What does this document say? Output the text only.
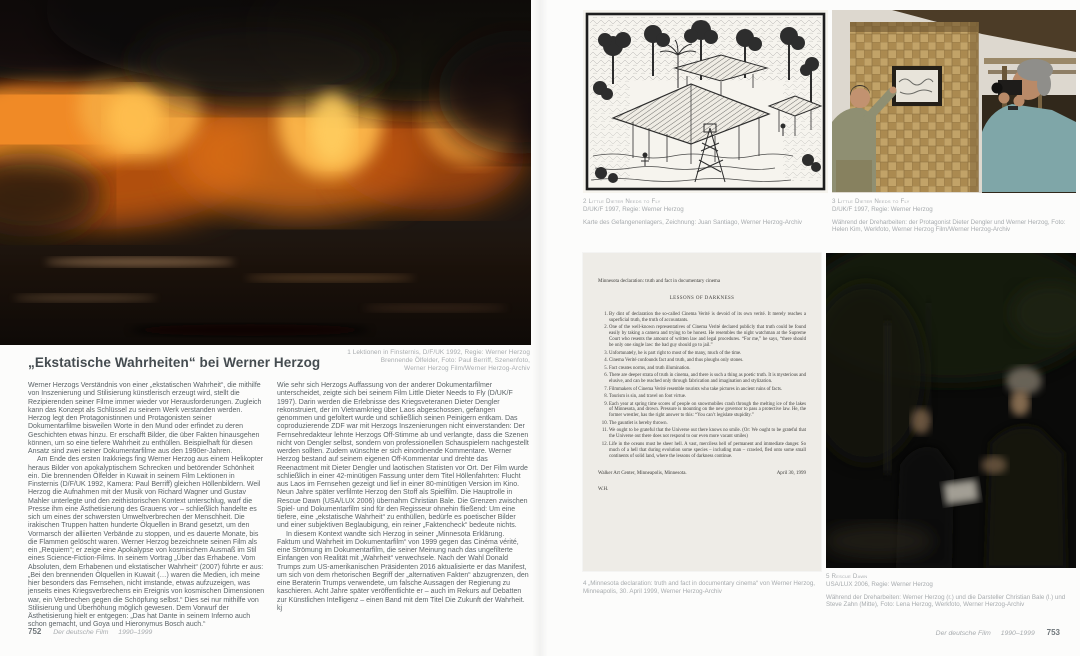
1 Lektionen in Finsternis, D/F/UK 1992, Regie: Werner Herzog
Brennende Ölfelder, Foto: Paul Berriff, Szenenfoto,
Werner Herzog Film/Werner Herzog-Archiv
„Ekstatische Wahrheiten“ bei Werner Herzog

Werner Herzogs Verständnis von einer „ekstatischen Wahrheit“, die mithilfe von Inszenierung und Stilisierung künstlerisch erzeugt wird, stellt die Rezipierenden seiner Filme immer wieder vor Herausforderungen. Zugleich kann das Konzept als Schlüssel zu seinem Werk verstanden werden. Herzog legt den Protagonistinnen und Protagonisten seiner Dokumentarfilme bisweilen Worte in den Mund oder erfindet zu deren Geschichten etwas hinzu. Er erschafft Bilder, die über Fakten hinausgehen können, um so eine tiefere Wahrheit zu enthüllen. Beispielhaft für diesen Ansatz sind zwei seiner Dokumentarfilme aus den 1990er-Jahren.

Am Ende des ersten Irakkriegs fing Werner Herzog aus einem Helikopter heraus Bilder von apokalyptischem Schrecken und betörender Schönheit ein. Die brennenden Ölfelder in Kuwait in seinem Film Lektionen in Finsternis (D/F/UK 1992, Kamera: Paul Berriff) gleichen Höllenbildern. Weil Herzog die Aufnahmen mit der Musik von Richard Wagner und Gustav Mahler unterlegte und den zeithistorischen Kontext unterschlug, warf die Presse ihm eine Ästhetisierung des Grauens vor – schließlich handelte es sich um eines der schwersten Umweltverbrechen der Menschheit. Die irakischen Truppen hatten hunderte Ölquellen in Brand gesetzt, um den Vormarsch der alliierten Verbände zu stoppen, und es dauerte Monate, bis die Flammen gelöscht waren. Werner Herzog bezeichnete seinen Film als ein „Requiem“; er zeige eine Apokalypse von kosmischem Ausmaß im Stil eines Science-Fiction-Films. In seinem Vortrag „Über das Erhabene. Vom Absoluten, dem Erhabenen und ekstatischer Wahrheit“ (2007) führte er aus: „Bei den brennenden Ölquellen in Kuwait (…) waren die Medien, ich meine hier besonders das Fernsehen, nicht imstande, etwas aufzuzeigen, was jenseits eines Kriegsverbrechens ein Ereignis von kosmischen Dimensionen war, ein Verbrechen gegen die Schöpfung selbst.“ Dies sei nur mithilfe von Stilisierung und Überhöhung möglich gewesen. Dem Vorwurf der Ästhetisierung hielt er entgegen: „Das hat Dante in seinem Inferno auch schon gemacht, und Goya und Hieronymus Bosch auch.“

Wie sehr sich Herzogs Auffassung von der anderer Dokumentarfilmer unterscheidet, zeigte sich bei seinem Film Little Dieter Needs to Fly (D/UK/F 1997). Darin werden die Erlebnisse des Kriegsveteranen Dieter Dengler rekonstruiert, der im Vietnamkrieg über Laos abgeschossen, gefangen genommen und gefoltert wurde und schließlich seinen Peinigern entkam. Das coproduzierende ZDF war mit Herzogs Inszenierungen nicht einverstanden: Der Fernsehredakteur lehnte Herzogs Off-Stimme ab und verlangte, dass die Szenen nicht von Dengler selbst, sondern von professionellen Schauspielern nachgestellt werden sollten. Zudem wünschte er sich einordnende Kommentare. Werner Herzog bestand auf seinem eigenen Off-Kommentar und drehte das Reenactment mit Dieter Dengler und laotischen Statisten vor Ort. Der Film wurde schließlich in einer 42-minütigen Fassung unter dem Titel Höllenfahrten: Flucht aus Laos im Fernsehen gezeigt und lief in einer 80-minütigen Version im Kino. Neun Jahre später verfilmte Herzog den Stoff als Spielfilm. Die Hauptrolle in Rescue Dawn (USA/LUX 2006) übernahm Christian Bale. Die Grenzen zwischen Spiel- und Dokumentarfilm sind für den Regisseur ohnehin fließend: Um eine tiefere, eine „ekstatische Wahrheit“ zu enthüllen, bedürfe es poetischer Bilder und einer subjektiven Beglaubigung, ein reiner „Faktencheck“ bedeute nichts.

In diesem Kontext wandte sich Herzog in seiner „Minnesota Erklärung. Faktum und Wahrheit im Dokumentarfilm“ von 1999 gegen das Cinéma vérité, eine Strömung im Dokumentarfilm, die seiner Meinung nach das ungefilterte Einfangen von Realität mit „Wahrheit“ verwechsele. Nach der Wahl Donald Trumps zum US-amerikanischen Präsidenten 2016 aktualisierte er das Manifest, um sich von dem rhetorischen Begriff der „alternativen Fakten“ abzugrenzen, den eine Beraterin Trumps verwendete, um falsche Aussagen der Regierung zu kaschieren. Acht Jahre später veröffentlichte er – auch im Rekurs auf Debatten zur Künstlichen Intelligenz – einen Band mit dem Titel Die Zukunft der Wahrheit. kj

752 Der deutsche Film 1990–1999
2 Little Dieter Needs to Fly
D/UK/F 1997, Regie: Werner Herzog
Karte des Gefangenenlagers, Zeichnung: Juan Santiago, Werner Herzog-Archiv
3 Little Dieter Needs to Fly
D/UK/F 1997, Regie: Werner Herzog
Während der Dreharbeiten: der Protagonist Dieter Dengler und Werner Herzog, Foto: Helen Kim, Werkfoto, Werner Herzog Film/Werner Herzog-Archiv
Minnesota declaration: truth and fact in documentary cinema
LESSONS OF DARKNESS
1. By dint of declaration the so-called Cinema Verité is devoid of its own verité. It merely reaches a superficial truth, the truth of accountants.
2. One of the well-known representatives of Cinema Verité declared publicly that truth could be found easily by taking a camera and trying to be honest. He resembles the night watchman at the Supreme Court who resents the amount of written law and legal procedures. “For me,” he says, “there should be only one single law: the bad guy should go to jail.”
3. Unfortunately, he is part right to most of the many, much of the time.
4. Cinema Verité confounds fact and truth, and thus ploughs only stones.
5. Fact creates norms, and truth illumination.
6. There are deeper strata of truth in cinema, and there is such a thing as poetic truth. It is mysterious and elusive, and can be reached only through fabrication and imagination and stylization.
7. Filmmakers of Cinema Verité resemble tourists who take pictures in ancient ruins of facts.
8. Tourism is sin, and travel on foot virtue.
9. Each year at spring time scores of people on snowmobiles crash through the melting ice of the lakes of Minnesota, and drown. Pressure is mounting on the new governor to pass a protective law. He, the former wrestler, has the right answer to this: “You can’t legislate stupidity.”
10. The gauntlet is hereby thrown.
11. We ought to be grateful that the Universe out there knows no smile. (Or: We ought to be grateful that the Universe out there does not respond to our even more vacant smiles)
12. Life in the oceans must be sheer hell. A vast, merciless hell of permanent and immediate danger. So much of a hell that during evolution some species – including man – crawled, fled onto some small continents of solid land, where the lessons of darkness continue.
Walker Art Center, Minneapolis, Minnesota.	April 30, 1999
W.H.
4 „Minnesota declaration: truth and fact in documentary cinema“ von Werner Herzog,
Minneapolis, 30. April 1999, Werner Herzog-Archiv
5 Rescue Dawn
USA/LUX 2006, Regie: Werner Herzog
Während der Dreharbeiten: Werner Herzog (r.) und die Darsteller Christian Bale (l.) und Steve Zahn (Mitte), Foto: Lena Herzog, Werkfoto, Werner Herzog-Archiv
Der deutsche Film 1990–1999 753
